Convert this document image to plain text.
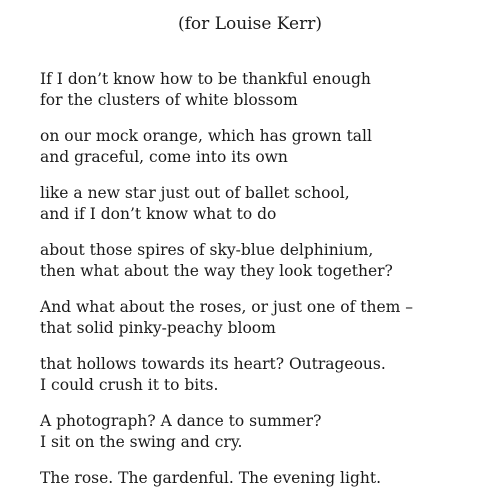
(for Louise Kerr)
If I don’t know how to be thankful enough
for the clusters of white blossom
on our mock orange, which has grown tall
and graceful, come into its own
like a new star just out of ballet school,
and if I don’t know what to do
about those spires of sky-blue delphinium,
then what about the way they look together?
And what about the roses, or just one of them –
that solid pinky-peachy bloom
that hollows towards its heart? Outrageous.
I could crush it to bits.
A photograph? A dance to summer?
I sit on the swing and cry.
The rose. The gardenful. The evening light.
